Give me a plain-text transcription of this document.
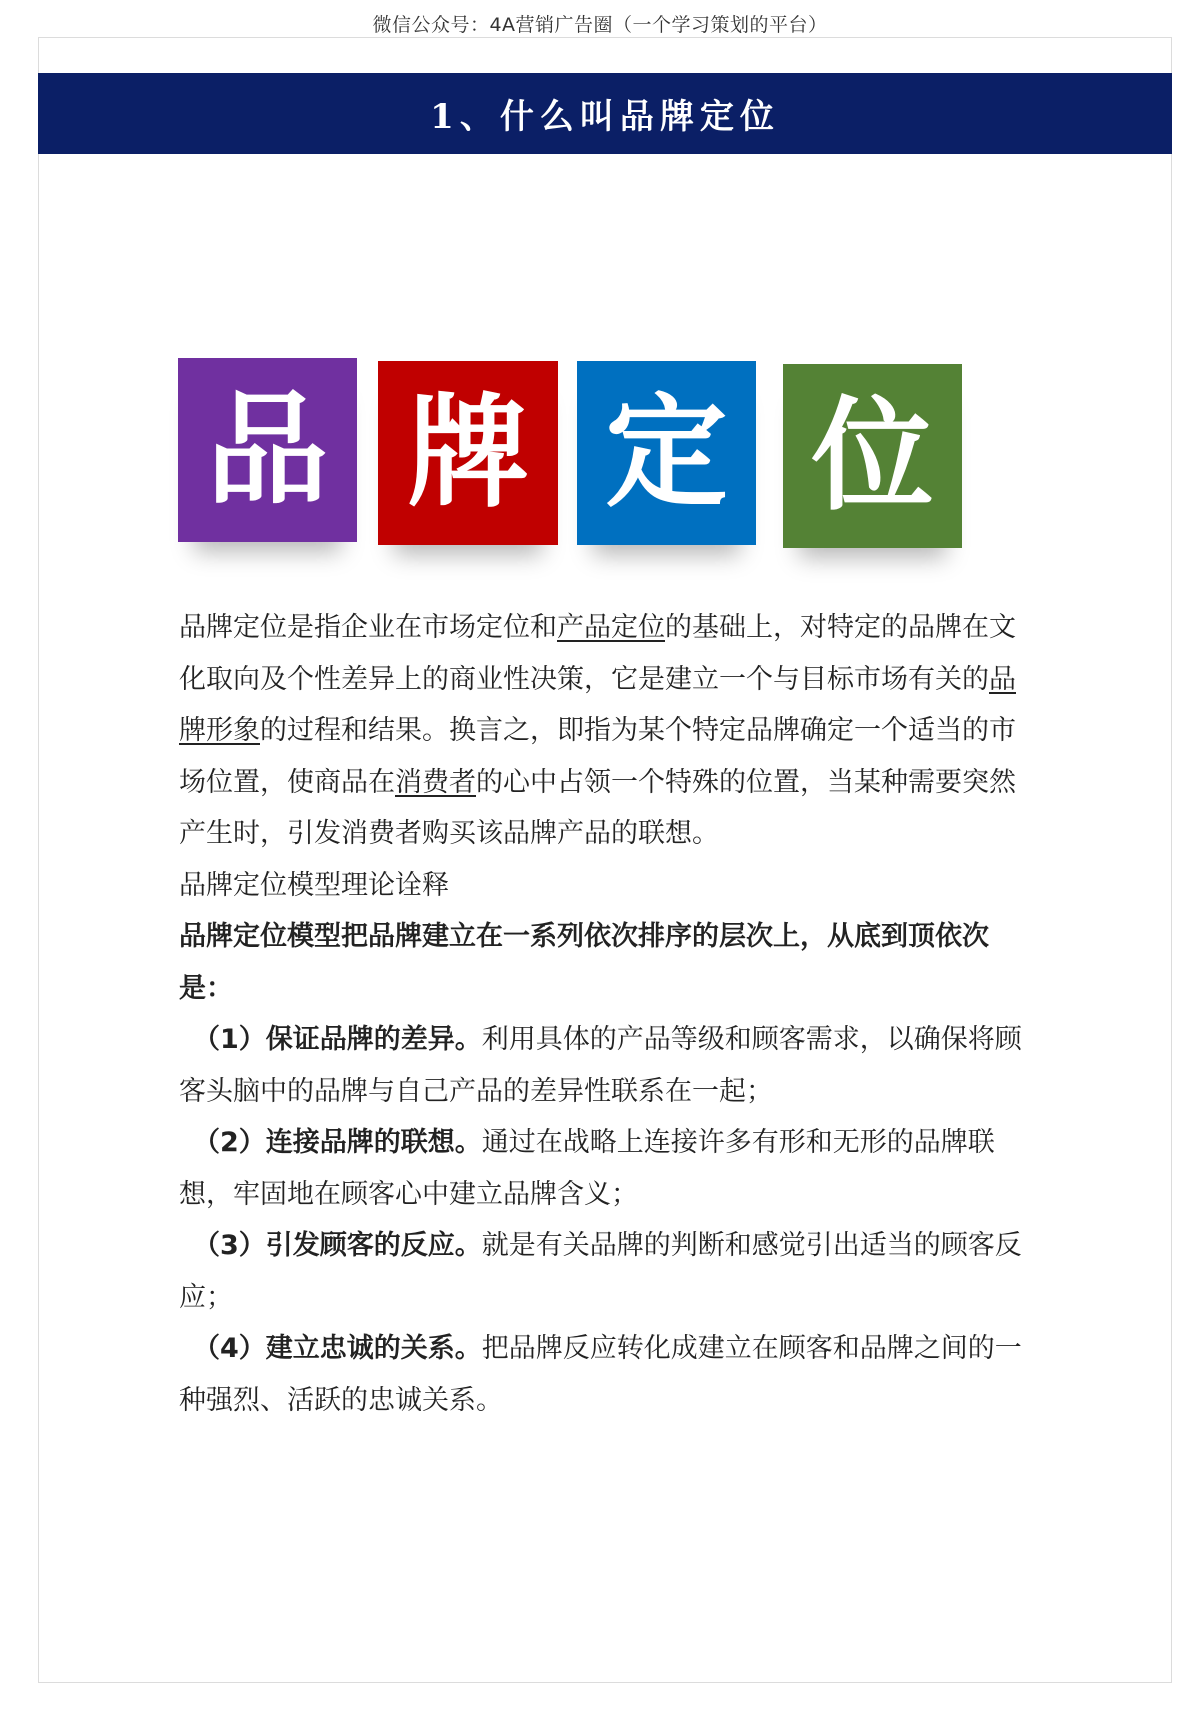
微信公众号：4A营销广告圈（一个学习策划的平台）
1、什么叫品牌定位
品 牌 定 位

品牌定位是指企业在市场定位和产品定位的基础上，对特定的品牌在文化取向及个性差异上的商业性决策，它是建立一个与目标市场有关的品牌形象的过程和结果。换言之，即指为某个特定品牌确定一个适当的市场位置，使商品在消费者的心中占领一个特殊的位置，当某种需要突然产生时，引发消费者购买该品牌产品的联想。

品牌定位模型理论诠释

品牌定位模型把品牌建立在一系列依次排序的层次上，从底到顶依次是：

（1）保证品牌的差异。利用具体的产品等级和顾客需求，以确保将顾客头脑中的品牌与自己产品的差异性联系在一起；

（2）连接品牌的联想。通过在战略上连接许多有形和无形的品牌联想，牢固地在顾客心中建立品牌含义；

（3）引发顾客的反应。就是有关品牌的判断和感觉引出适当的顾客反应；

（4）建立忠诚的关系。把品牌反应转化成建立在顾客和品牌之间的一种强烈、活跃的忠诚关系。
